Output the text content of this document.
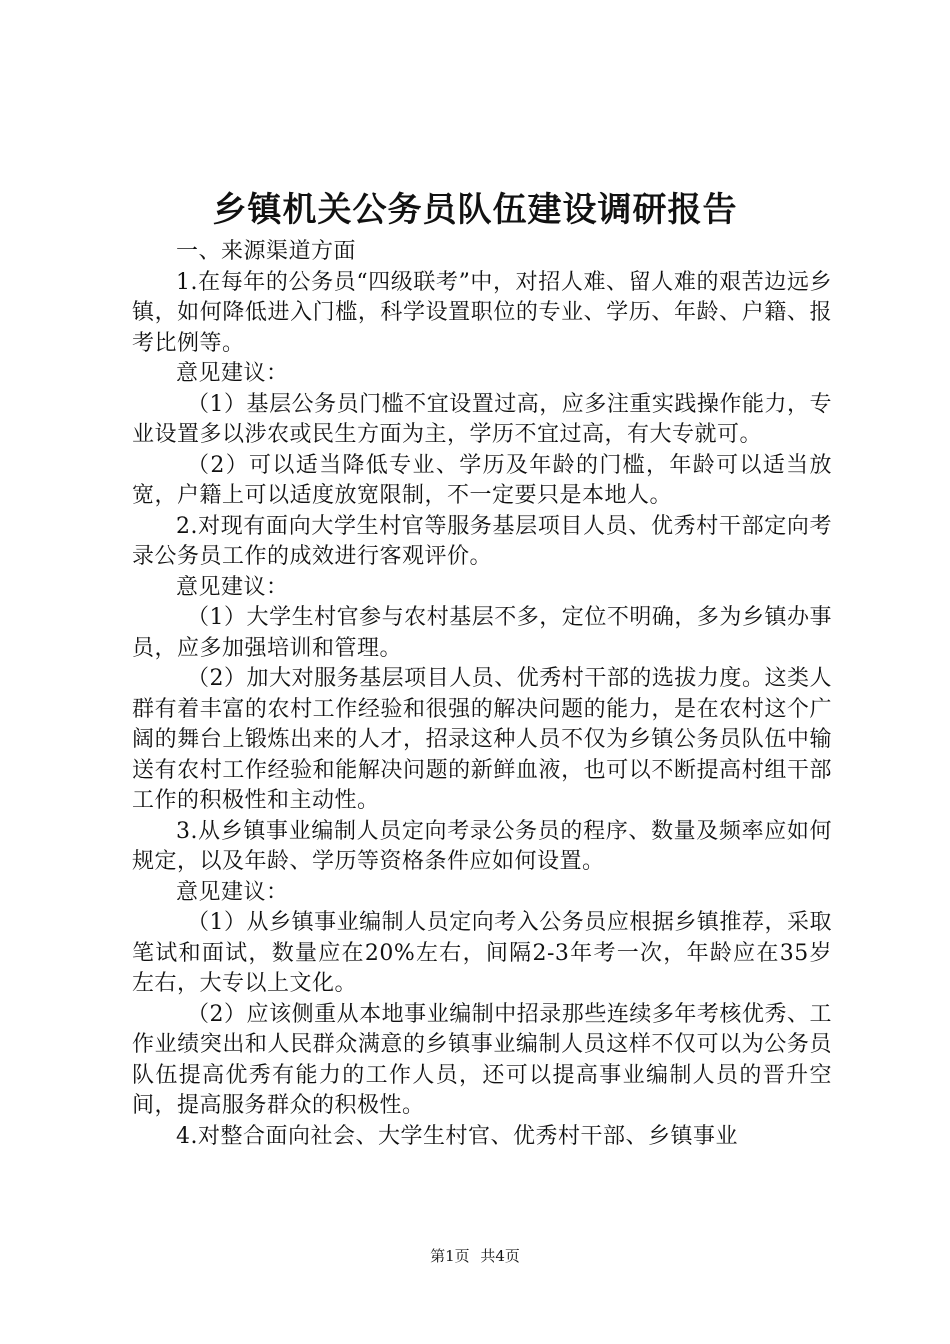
乡镇机关公务员队伍建设调研报告

一、来源渠道方面

1.在每年的公务员“四级联考”中，对招人难、留人难的艰苦边远乡镇，如何降低进入门槛，科学设置职位的专业、学历、年龄、户籍、报考比例等。

意见建议：

（1）基层公务员门槛不宜设置过高，应多注重实践操作能力，专业设置多以涉农或民生方面为主，学历不宜过高，有大专就可。

（2）可以适当降低专业、学历及年龄的门槛，年龄可以适当放宽，户籍上可以适度放宽限制，不一定要只是本地人。

2.对现有面向大学生村官等服务基层项目人员、优秀村干部定向考录公务员工作的成效进行客观评价。

意见建议：

（1）大学生村官参与农村基层不多，定位不明确，多为乡镇办事员，应多加强培训和管理。

（2）加大对服务基层项目人员、优秀村干部的选拔力度。这类人群有着丰富的农村工作经验和很强的解决问题的能力，是在农村这个广阔的舞台上锻炼出来的人才，招录这种人员不仅为乡镇公务员队伍中输送有农村工作经验和能解决问题的新鲜血液，也可以不断提高村组干部工作的积极性和主动性。

3.从乡镇事业编制人员定向考录公务员的程序、数量及频率应如何规定，以及年龄、学历等资格条件应如何设置。

意见建议：

（1）从乡镇事业编制人员定向考入公务员应根据乡镇推荐，采取笔试和面试，数量应在20%左右，间隔2-3年考一次，年龄应在35岁左右，大专以上文化。

（2）应该侧重从本地事业编制中招录那些连续多年考核优秀、工作业绩突出和人民群众满意的乡镇事业编制人员这样不仅可以为公务员队伍提高优秀有能力的工作人员，还可以提高事业编制人员的晋升空间，提高服务群众的积极性。

4.对整合面向社会、大学生村官、优秀村干部、乡镇事业

第1页 共4页
